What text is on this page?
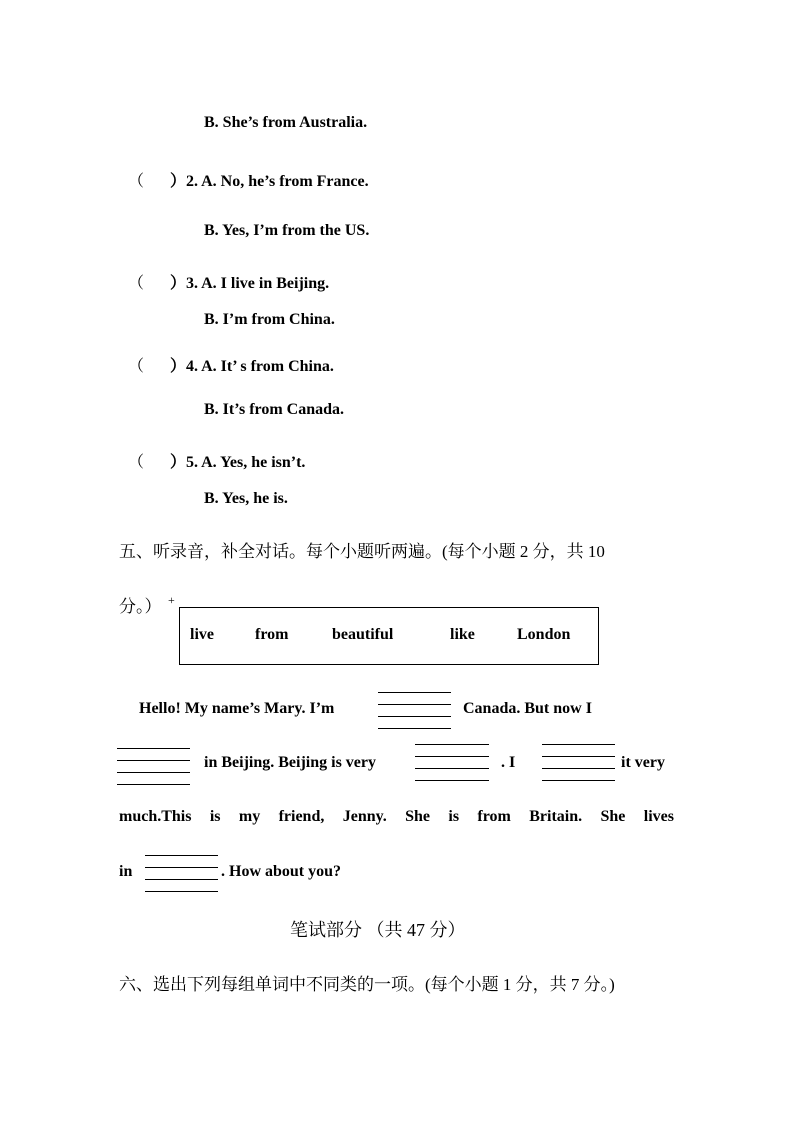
B. She’s from Australia.
（ ）2. A. No, he’s from France.
B. Yes, I’m from the US.
（ ）3. A. I live in Beijing.
B. I’m from China.
（ ）4. A. It’ s from China.
B. It’s from Canada.
（ ）5. A. Yes, he isn’t.
B. Yes, he is.
五、听录音，补全对话。每个小题听两遍。(每个小题 2 分，共 10
分。） +
live	from	beautiful	like	London
Hello! My name’s Mary. I’m	Canada. But now I
in Beijing. Beijing is very	. I	it very
much.This is my friend, Jenny. She is from Britain. She lives
in	. How about you?
笔试部分 （共 47 分）
六、选出下列每组单词中不同类的一项。(每个小题 1 分，共 7 分。)
